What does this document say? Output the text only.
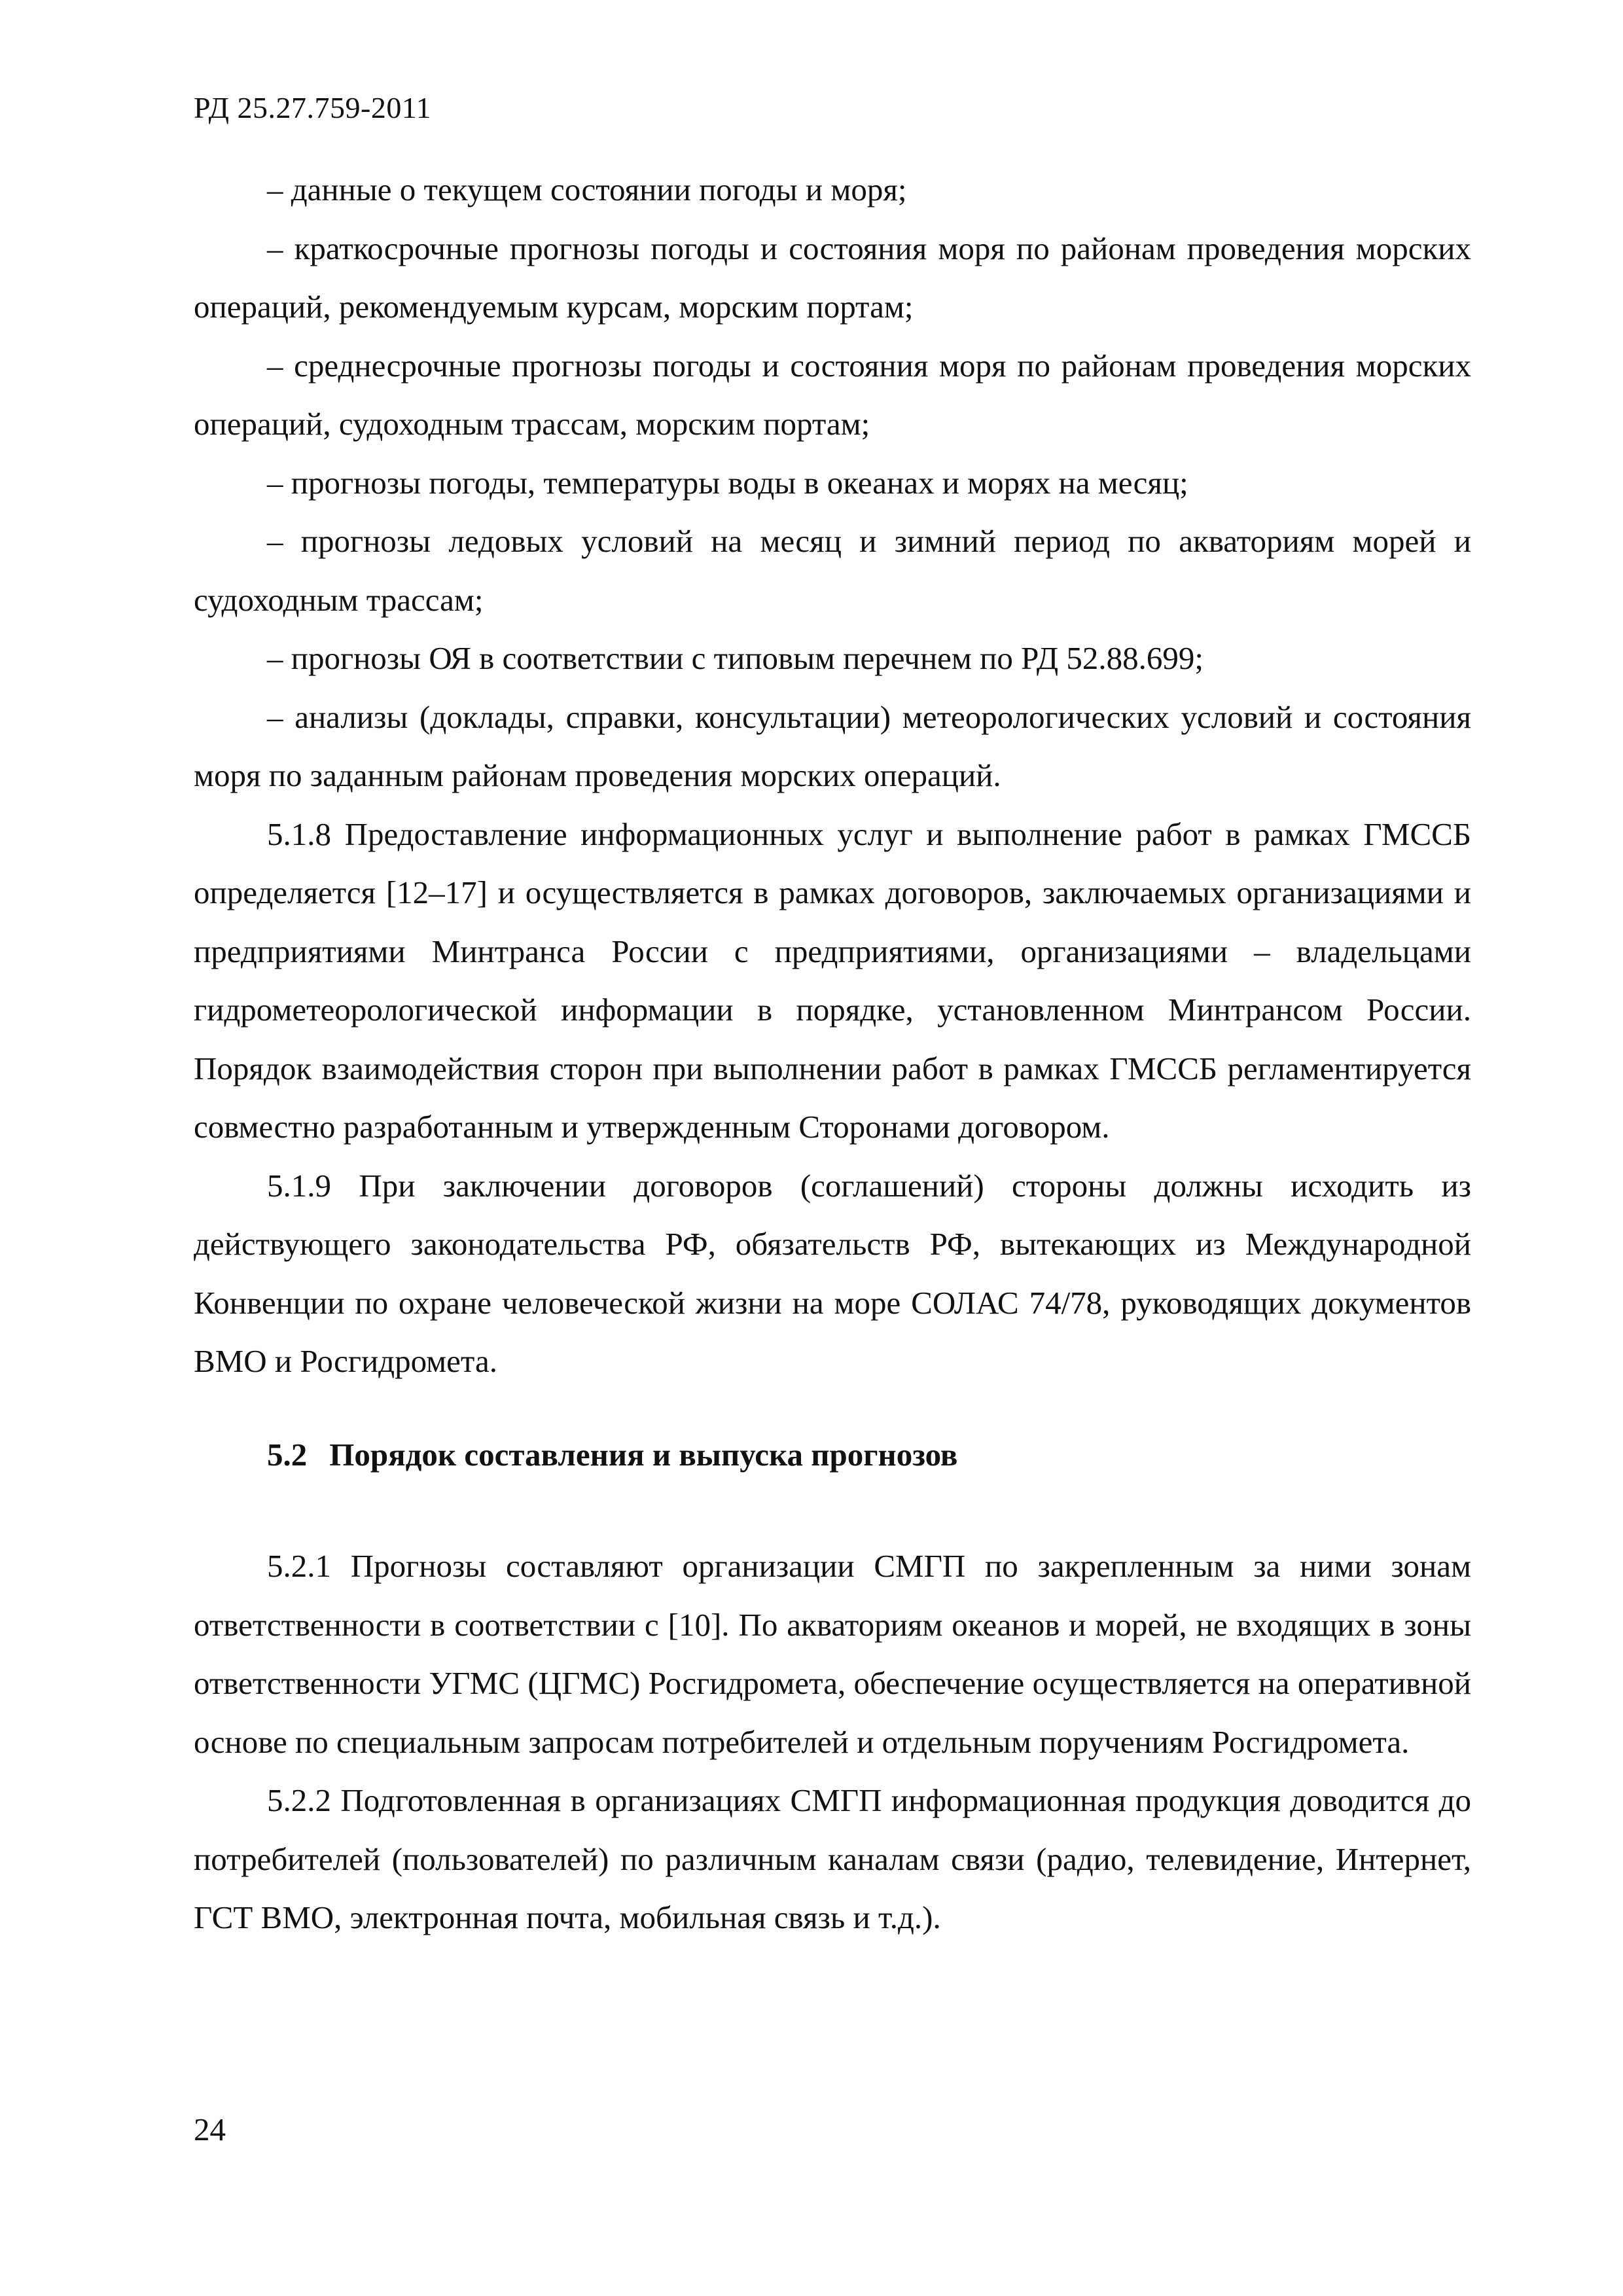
РД 25.27.759-2011

– данные о текущем состоянии погоды и моря;

– краткосрочные прогнозы погоды и состояния моря по районам проведения морских операций, рекомендуемым курсам, морским портам;

– среднесрочные прогнозы погоды и состояния моря по районам проведения морских операций, судоходным трассам, морским портам;

– прогнозы погоды, температуры воды в океанах и морях на месяц;

– прогнозы ледовых условий на месяц и зимний период по акваториям морей и судоходным трассам;

– прогнозы ОЯ в соответствии с типовым перечнем по РД 52.88.699;

– анализы (доклады, справки, консультации) метеорологических условий и состояния моря по заданным районам проведения морских операций.

5.1.8 Предоставление информационных услуг и выполнение работ в рамках ГМССБ определяется [12–17] и осуществляется в рамках договоров, заключаемых организациями и предприятиями Минтранса России с предприятиями, организациями – владельцами гидрометеорологической информации в порядке, установленном Минтрансом России. Порядок взаимодействия сторон при выполнении работ в рамках ГМССБ регламентируется совместно разработанным и утвержденным Сторонами договором.

5.1.9 При заключении договоров (соглашений) стороны должны исходить из действующего законодательства РФ, обязательств РФ, вытекающих из Международной Конвенции по охране человеческой жизни на море СОЛАС 74/78, руководящих документов ВМО и Росгидромета.

5.2 Порядок составления и выпуска прогнозов

5.2.1 Прогнозы составляют организации СМГП по закрепленным за ними зонам ответственности в соответствии с [10]. По акваториям океанов и морей, не входящих в зоны ответственности УГМС (ЦГМС) Росгидромета, обеспечение осуществляется на оперативной основе по специальным запросам потребителей и отдельным поручениям Росгидромета.

5.2.2 Подготовленная в организациях СМГП информационная продукция доводится до потребителей (пользователей) по различным каналам связи (радио, телевидение, Интернет, ГСТ ВМО, электронная почта, мобильная связь и т.д.).

24
